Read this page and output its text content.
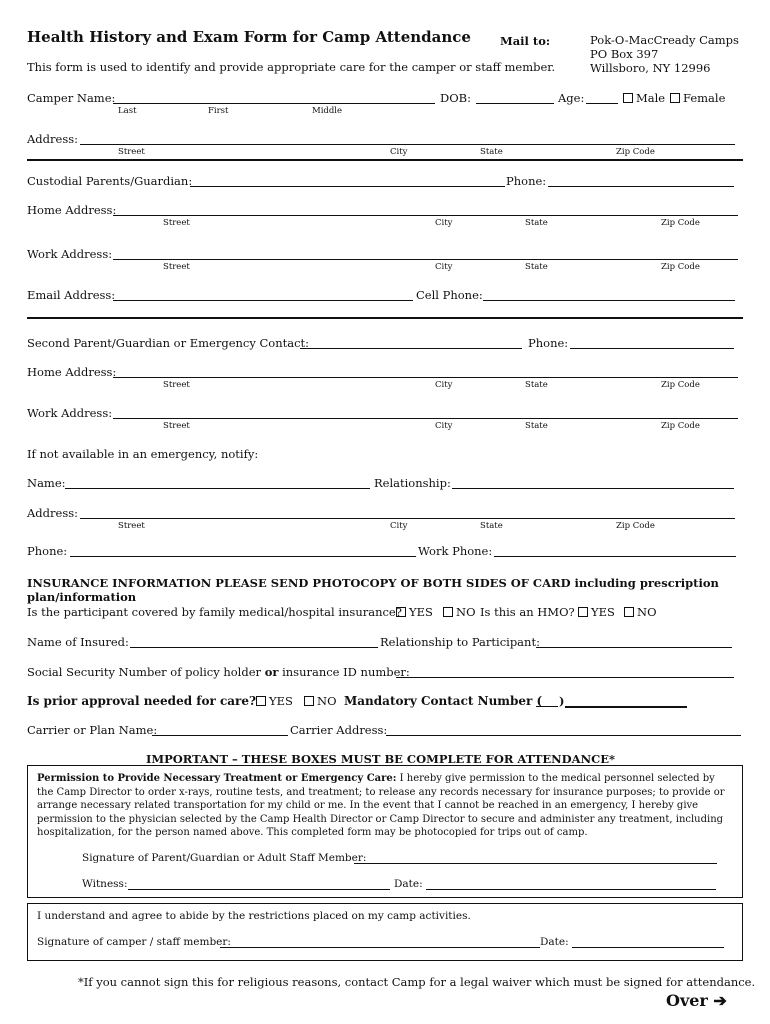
Health History and Exam Form for Camp Attendance	Mail to:	Pok-O-MacCready Camps
PO Box 397
Willsboro, NY 12996
This form is used to identify and provide appropriate care for the camper or staff member.
Camper Name:
Last	First	Middle
DOB:	Age:	Male	Female
Address:
Street	City	State	Zip Code
Custodial Parents/Guardian:	Phone:
Home Address:
Street	City	State	Zip Code
Work Address:
Street	City	State	Zip Code
Email Address:	Cell Phone:
Second Parent/Guardian or Emergency Contact:	Phone:
Home Address:
Street	City	State	Zip Code
Work Address:
Street	City	State	Zip Code
If not available in an emergency, notify:
Name:	Relationship:
Address:
Street	City	State	Zip Code
Phone:	Work Phone:
INSURANCE INFORMATION PLEASE SEND PHOTOCOPY OF BOTH SIDES OF CARD including prescription
plan/information
Is the participant covered by family medical/hospital insurance? YES	NO Is this an HMO?	YES	NO
Name of Insured:	Relationship to Participant:
Social Security Number of policy holder or insurance ID number:
Is prior approval needed for care?	YES	NO Mandatory Contact Number ( )
Carrier or Plan Name:	Carrier Address:
IMPORTANT – THESE BOXES MUST BE COMPLETE FOR ATTENDANCE*
Permission to Provide Necessary Treatment or Emergency Care: I hereby give permission to the medical personnel selected by the Camp Director to order x-rays, routine tests, and treatment; to release any records necessary for insurance purposes; to provide or arrange necessary related transportation for my child or me. In the event that I cannot be reached in an emergency, I hereby give permission to the physician selected by the Camp Health Director or Camp Director to secure and administer any treatment, including hospitalization, for the person named above. This completed form may be photocopied for trips out of camp.
Signature of Parent/Guardian or Adult Staff Member:
Witness:	Date:
I understand and agree to abide by the restrictions placed on my camp activities.
Signature of camper / staff member:	Date:
*If you cannot sign this for religious reasons, contact Camp for a legal waiver which must be signed for attendance.
Over ➔
